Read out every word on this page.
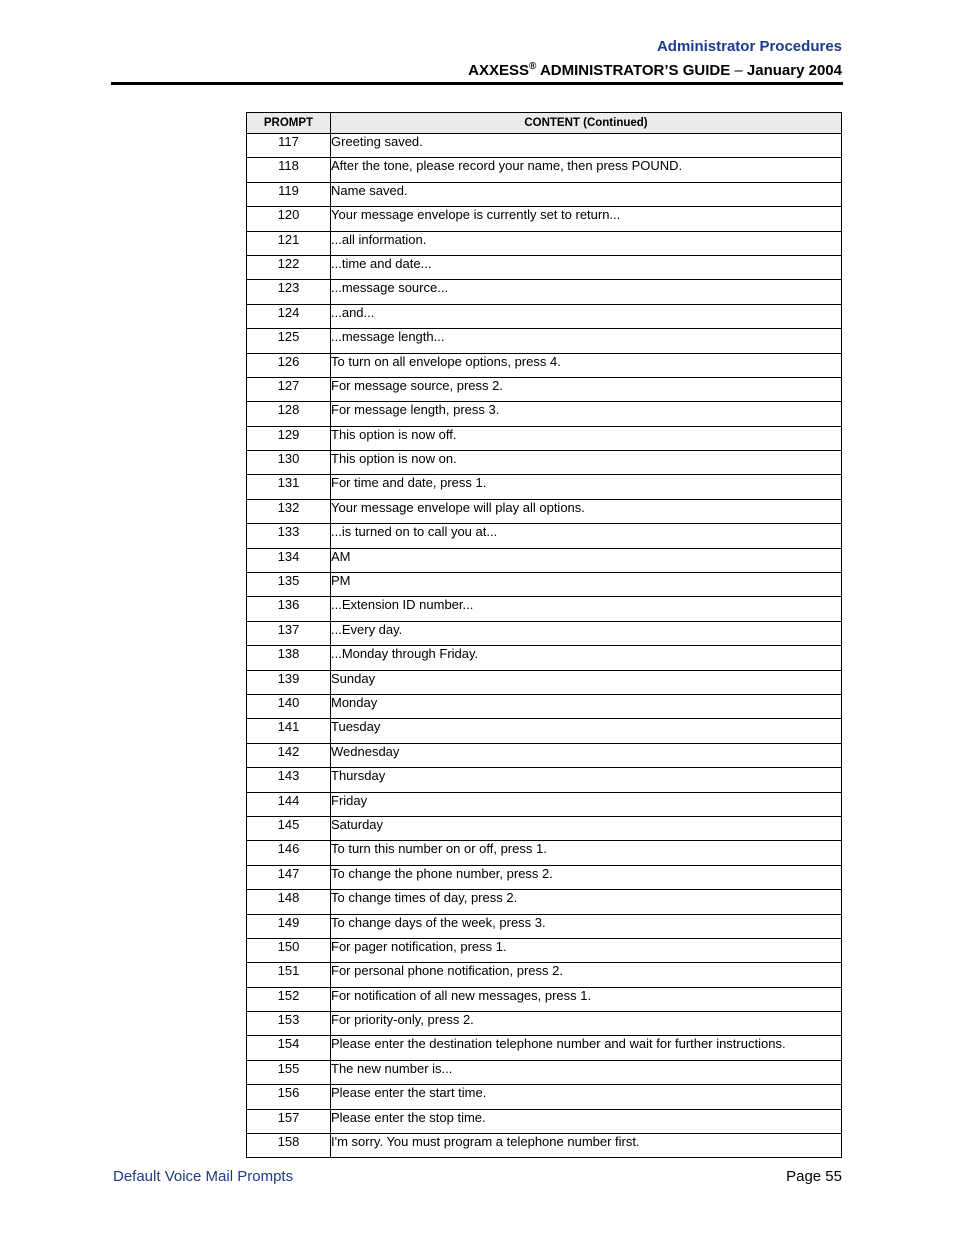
Administrator Procedures
AXXESS® ADMINISTRATOR’S GUIDE – January 2004
PROMPT	CONTENT (Continued)
117	Greeting saved.
118	After the tone, please record your name, then press POUND.
119	Name saved.
120	Your message envelope is currently set to return...
121	...all information.
122	...time and date...
123	...message source...
124	...and...
125	...message length...
126	To turn on all envelope options, press 4.
127	For message source, press 2.
128	For message length, press 3.
129	This option is now off.
130	This option is now on.
131	For time and date, press 1.
132	Your message envelope will play all options.
133	...is turned on to call you at...
134	AM
135	PM
136	...Extension ID number...
137	...Every day.
138	...Monday through Friday.
139	Sunday
140	Monday
141	Tuesday
142	Wednesday
143	Thursday
144	Friday
145	Saturday
146	To turn this number on or off, press 1.
147	To change the phone number, press 2.
148	To change times of day, press 2.
149	To change days of the week, press 3.
150	For pager notification, press 1.
151	For personal phone notification, press 2.
152	For notification of all new messages, press 1.
153	For priority-only, press 2.
154	Please enter the destination telephone number and wait for further instructions.
155	The new number is...
156	Please enter the start time.
157	Please enter the stop time.
158	I'm sorry. You must program a telephone number first.
Default Voice Mail Prompts	Page 55
